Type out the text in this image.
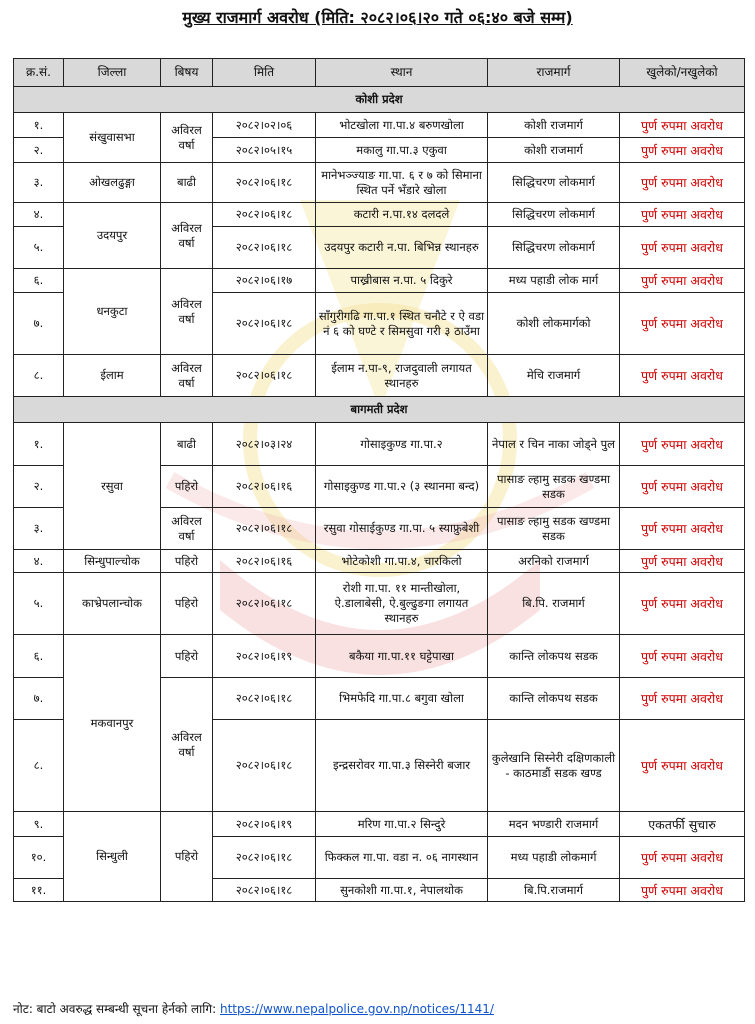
मुख्य राजमार्ग अवरोध (मिति: २०८२।०६।२० गते ०६:४० बजे सम्म)
क्र.सं.	जिल्ला	बिषय	मिति	स्थान	राजमार्ग	खुलेको/नखुलेको
कोशी प्रदेश						
१.	संखुवासभा	अविरल वर्षा	२०८२।०२।०६	भोटखोला गा.पा.४ बरुणखोला	कोशी राजमार्ग	पुर्ण रुपमा अवरोध
२.			२०८२।०५।१५	मकालु गा.पा.३ एकुवा	कोशी राजमार्ग	पुर्ण रुपमा अवरोध
३.	ओखलढुङ्गा	बाढी	२०८२।०६।१८	मानेभञ्ज्याङ गा.पा. ६ र ७ को सिमाना स्थित पर्ने भँडारे खोला	सिद्धिचरण लोकमार्ग	पुर्ण रुपमा अवरोध
४.	उदयपुर	अविरल वर्षा	२०८२।०६।१८	कटारी न.पा.१४ दलदले	सिद्धिचरण लोकमार्ग	पुर्ण रुपमा अवरोध
५.			२०८२।०६।१८	उदयपुर कटारी न.पा. बिभिन्न स्थानहरु	सिद्धिचरण लोकमार्ग	पुर्ण रुपमा अवरोध
६.	धनकुटा	अविरल वर्षा	२०८२।०६।१७	पाख्रीबास न.पा. ५ दिकुरे	मध्य पहाडी लोक मार्ग	पुर्ण रुपमा अवरोध
७.			२०८२।०६।१८	साँगुरीगढि गा.पा.१ स्थित चनौटे र ऐ वडा नं ६ को घण्टे र सिमसुवा गरी ३ ठाउँमा	कोशी लोकमार्गको	पुर्ण रुपमा अवरोध
८.	ईलाम	अविरल वर्षा	२०८२।०६।१८	ईलाम न.पा-९, राजदुवाली लगायत स्थानहरु	मेचि राजमार्ग	पुर्ण रुपमा अवरोध
बागमती प्रदेश						
१.	रसुवा	बाढी	२०८२।०३।२४	गोसाइकुण्ड गा.पा.२	नेपाल र चिन नाका जोड्ने पुल	पुर्ण रुपमा अवरोध
२.		पहिरो	२०८२।०६।१६	गोसाइकुण्ड गा.पा.२ (३ स्थानमा बन्द)	पासाङ ल्हामु सडक खण्डमा सडक	पुर्ण रुपमा अवरोध
३.		अविरल वर्षा	२०८२।०६।१८	रसुवा गोसाईकुण्ड गा.पा. ५ स्याफ्रुबेशी	पासाङ ल्हामु सडक खण्डमा सडक	पुर्ण रुपमा अवरोध
४.	सिन्धुपाल्चोक	पहिरो	२०८२।०६।१६	भोटेकोशी गा.पा.४, चारकिलो	अरनिको राजमार्ग	पुर्ण रुपमा अवरोध
५.	काभ्रेपलान्चोक	पहिरो	२०८२।०६।१८	रोशी गा.पा. ११ मान्तीखोला, ऐ.डालाबेसी, ऐ.बुल्ढुङगा लगायत स्थानहरु	बि.पि. राजमार्ग	पुर्ण रुपमा अवरोध
६.	मकवानपुर	पहिरो	२०८२।०६।१९	बकैया गा.पा.११ घट्टेपाखा	कान्ति लोकपथ सडक	पुर्ण रुपमा अवरोध
७.		अविरल वर्षा	२०८२।०६।१८	भिमफेदि गा.पा.८ बगुवा खोला	कान्ति लोकपथ सडक	पुर्ण रुपमा अवरोध
८.			२०८२।०६।१८	इन्द्रसरोवर गा.पा.३ सिस्नेरी बजार	कुलेखानि सिस्नेरी दक्षिणकाली - काठमाडौं सडक खण्ड	पुर्ण रुपमा अवरोध
९.	सिन्धुली	पहिरो	२०८२।०६।१९	मरिण गा.पा.२ सिन्दुरे	मदन भण्डारी राजमार्ग	एकतर्फी सुचारु
१०.			२०८२।०६।१८	फिक्कल गा.पा. वडा न. ०६ नागस्थान	मध्य पहाडी लोकमार्ग	पुर्ण रुपमा अवरोध
११.			२०८२।०६।१८	सुनकोशी गा.पा.१, नेपालथोक	बि.पि.राजमार्ग	पुर्ण रुपमा अवरोध
नोट: बाटो अवरुद्ध सम्बन्धी सूचना हेर्नको लागि: https://www.nepalpolice.gov.np/notices/1141/
